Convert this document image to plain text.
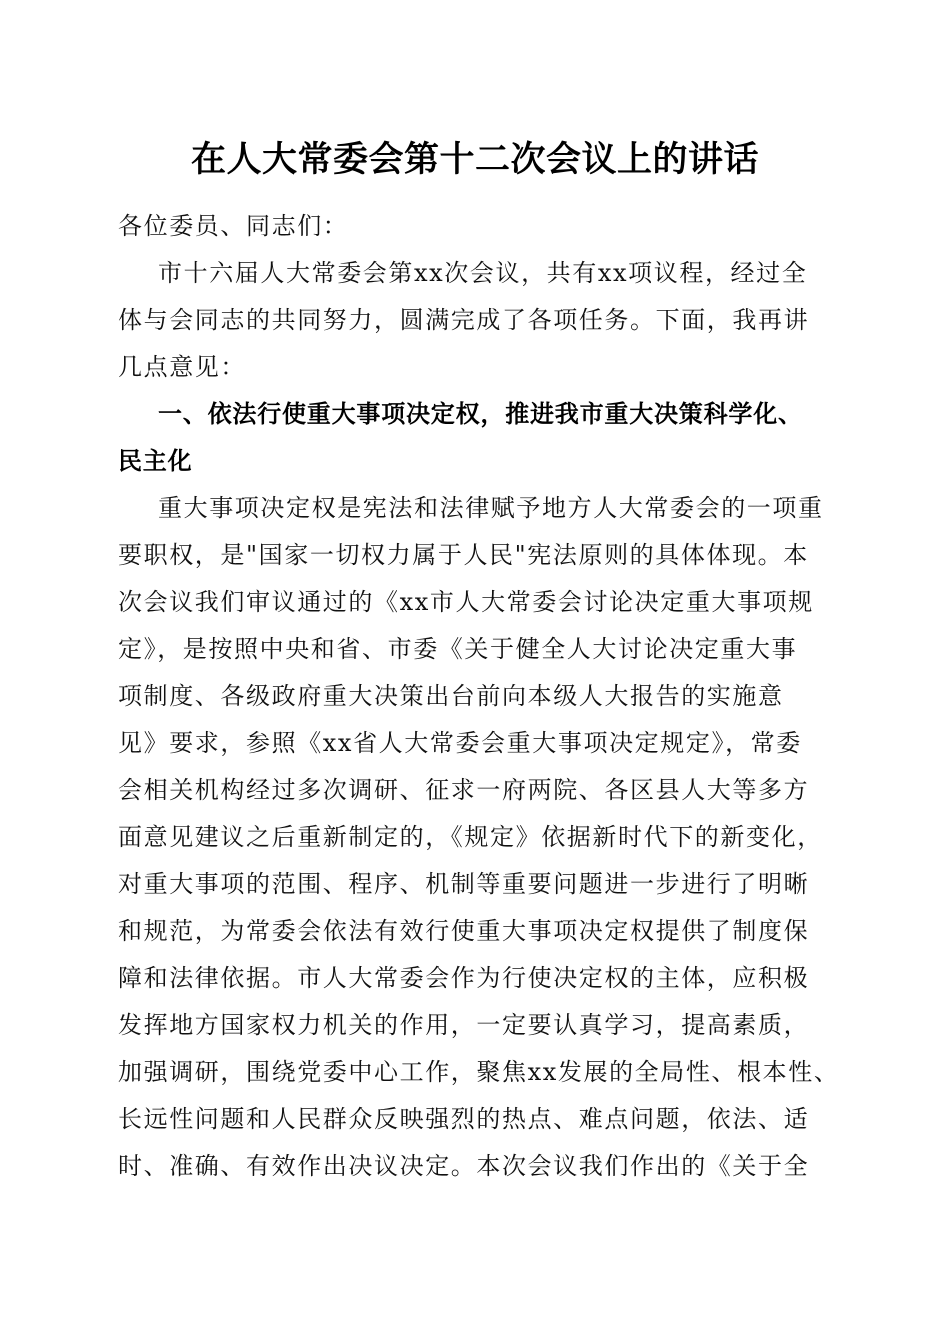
在人大常委会第十二次会议上的讲话
各位委员、同志们：
市十六届人大常委会第xx次会议，共有xx项议程，经过全
体与会同志的共同努力，圆满完成了各项任务。下面，我再讲
几点意见：
一、依法行使重大事项决定权，推进我市重大决策科学化、
民主化
重大事项决定权是宪法和法律赋予地方人大常委会的一项重
要职权，是"国家一切权力属于人民"宪法原则的具体体现。本
次会议我们审议通过的《xx市人大常委会讨论决定重大事项规
定》，是按照中央和省、市委《关于健全人大讨论决定重大事
项制度、各级政府重大决策出台前向本级人大报告的实施意
见》要求，参照《xx省人大常委会重大事项决定规定》，常委
会相关机构经过多次调研、征求一府两院、各区县人大等多方
面意见建议之后重新制定的，《规定》依据新时代下的新变化，
对重大事项的范围、程序、机制等重要问题进一步进行了明晰
和规范，为常委会依法有效行使重大事项决定权提供了制度保
障和法律依据。市人大常委会作为行使决定权的主体，应积极
发挥地方国家权力机关的作用，一定要认真学习，提高素质，
加强调研，围绕党委中心工作，聚焦xx发展的全局性、根本性、
长远性问题和人民群众反映强烈的热点、难点问题，依法、适
时、准确、有效作出决议决定。本次会议我们作出的《关于全
